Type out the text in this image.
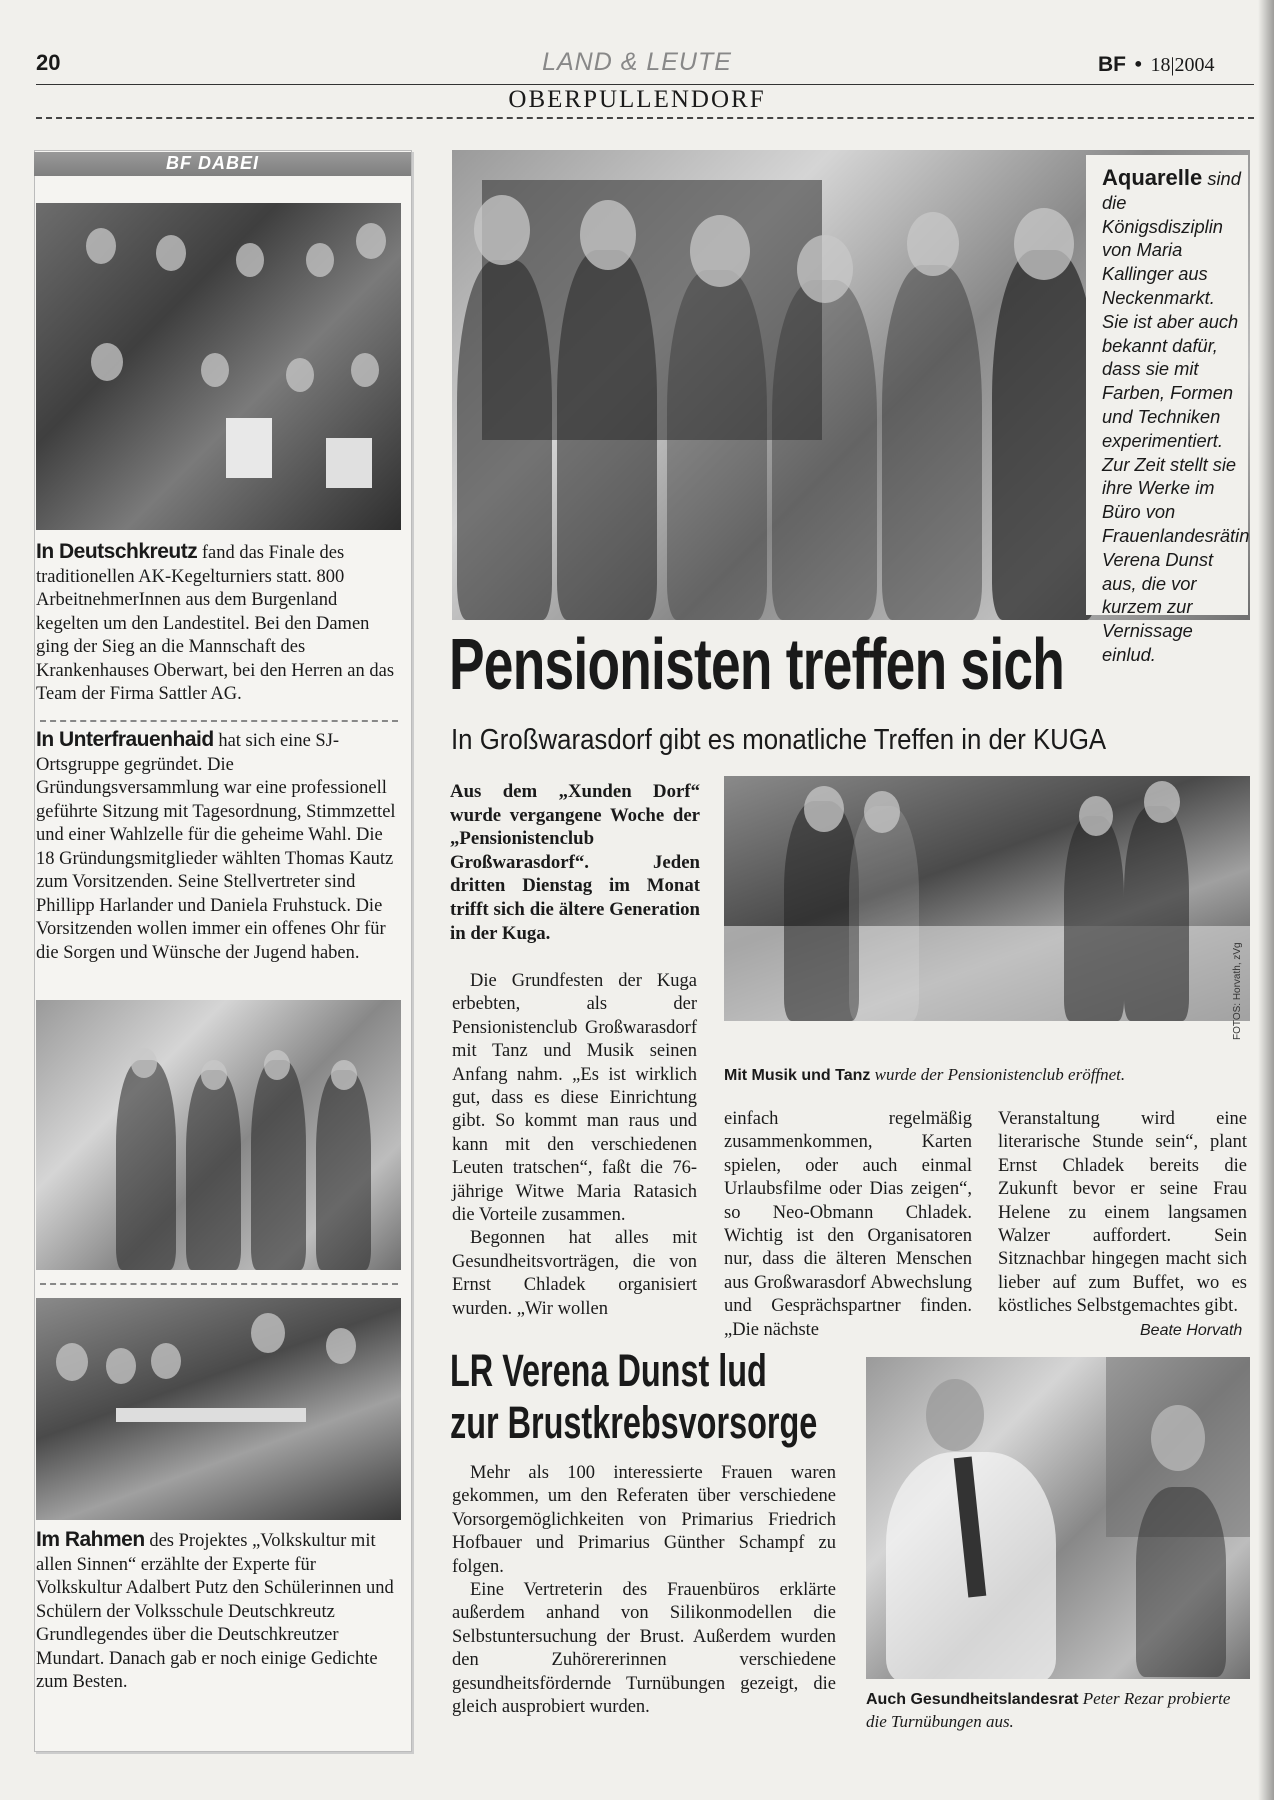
20	LAND & LEUTE	BF • 18|2004
OBERPULLENDORF
BF DABEI

In Deutschkreutz fand das Finale des traditionellen AK-Kegelturniers statt. 800 ArbeitnehmerInnen aus dem Burgenland kegelten um den Landestitel. Bei den Damen ging der Sieg an die Mannschaft des Krankenhauses Oberwart, bei den Herren an das Team der Firma Sattler AG.

In Unterfrauenhaid hat sich eine SJ-Ortsgruppe gegründet. Die Gründungsversammlung war eine professionell geführte Sitzung mit Tagesordnung, Stimmzettel und einer Wahlzelle für die geheime Wahl. Die 18 Gründungsmitglieder wählten Thomas Kautz zum Vorsitzenden. Seine Stellvertreter sind Phillipp Harlander und Daniela Fruhstuck. Die Vorsitzenden wollen immer ein offenes Ohr für die Sorgen und Wünsche der Jugend haben.

Im Rahmen des Projektes „Volkskultur mit allen Sinnen“ erzählte der Experte für Volkskultur Adalbert Putz den Schülerinnen und Schülern der Volksschule Deutschkreutz Grundlegendes über die Deutschkreutzer Mundart. Danach gab er noch einige Gedichte zum Besten.

Aquarelle sind die Königsdisziplin von Maria Kallinger aus Neckenmarkt. Sie ist aber auch bekannt dafür, dass sie mit Farben, Formen und Techniken experimentiert. Zur Zeit stellt sie ihre Werke im Büro von Frauenlandesrätin Verena Dunst aus, die vor kurzem zur Vernissage einlud.

Pensionisten treffen sich
In Großwarasdorf gibt es monatliche Treffen in der KUGA

Aus dem „Xunden Dorf“ wurde vergangene Woche der „Pensionistenclub Großwarasdorf“. Jeden dritten Dienstag im Monat trifft sich die ältere Generation in der Kuga.

FOTOS: Horvath, zVg
Mit Musik und Tanz wurde der Pensionistenclub eröffnet.

Die Grundfesten der Kuga erbebten, als der Pensionistenclub Großwarasdorf mit Tanz und Musik seinen Anfang nahm. „Es ist wirklich gut, dass es diese Einrichtung gibt. So kommt man raus und kann mit den verschiedenen Leuten tratschen“, faßt die 76-jährige Witwe Maria Ratasich die Vorteile zusammen.

Begonnen hat alles mit Gesundheitsvorträgen, die von Ernst Chladek organisiert wurden. „Wir wollen

einfach regelmäßig zusammenkommen, Karten spielen, oder auch einmal Urlaubsfilme oder Dias zeigen“, so Neo-Obmann Chladek. Wichtig ist den Organisatoren nur, dass die älteren Menschen aus Großwarasdorf Abwechslung und Gesprächspartner finden. „Die nächste

Veranstaltung wird eine literarische Stunde sein“, plant Ernst Chladek bereits die Zukunft bevor er seine Frau Helene zu einem langsamen Walzer auffordert. Sein Sitznachbar hingegen macht sich lieber auf zum Buffet, wo es köstliches Selbstgemachtes gibt.

Beate Horvath
LR Verena Dunst lud

zur Brustkrebsvorsorge

Mehr als 100 interessierte Frauen waren gekommen, um den Referaten über verschiedene Vorsorgemöglichkeiten von Primarius Friedrich Hofbauer und Primarius Günther Schampf zu folgen.

Eine Vertreterin des Frauenbüros erklärte außerdem anhand von Silikonmodellen die Selbstuntersuchung der Brust. Außerdem wurden den Zuhörererinnen verschiedene gesundheitsfördernde Turnübungen gezeigt, die gleich ausprobiert wurden.	Auch Gesundheitslandesrat Peter Rezar probierte die Turnübungen aus.
